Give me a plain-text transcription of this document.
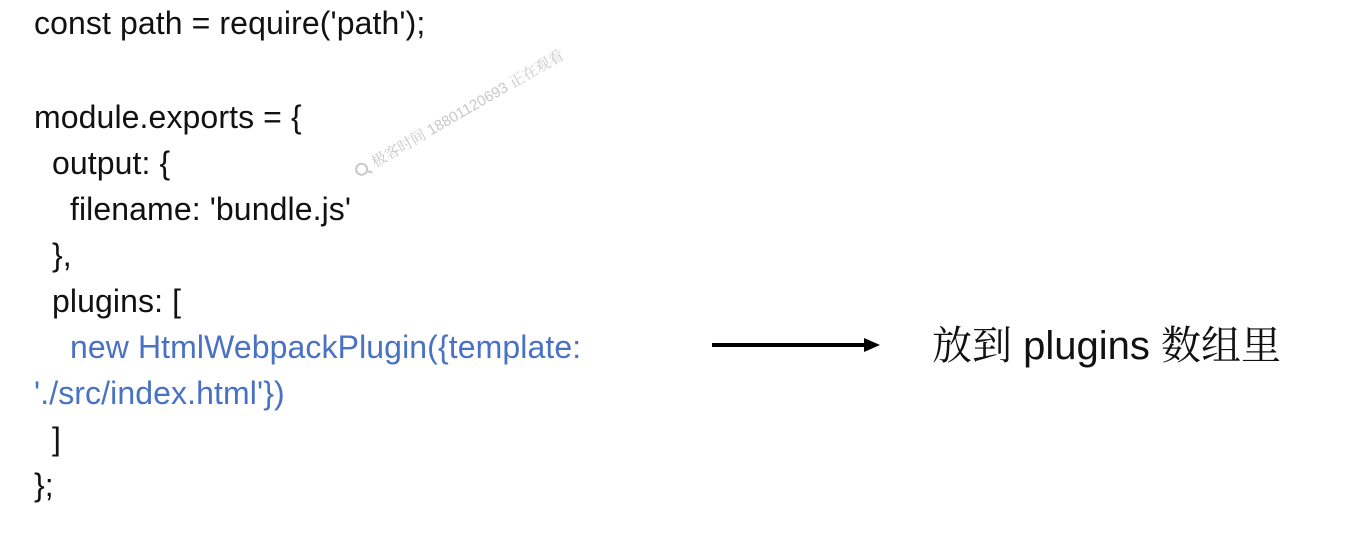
const path = require('path');
module.exports = {
output: {
filename: 'bundle.js'
},
plugins: [
new HtmlWebpackPlugin({template:
'./src/index.html'})
]
};
放到 plugins 数组里
极客时间 18801120693 正在观看
